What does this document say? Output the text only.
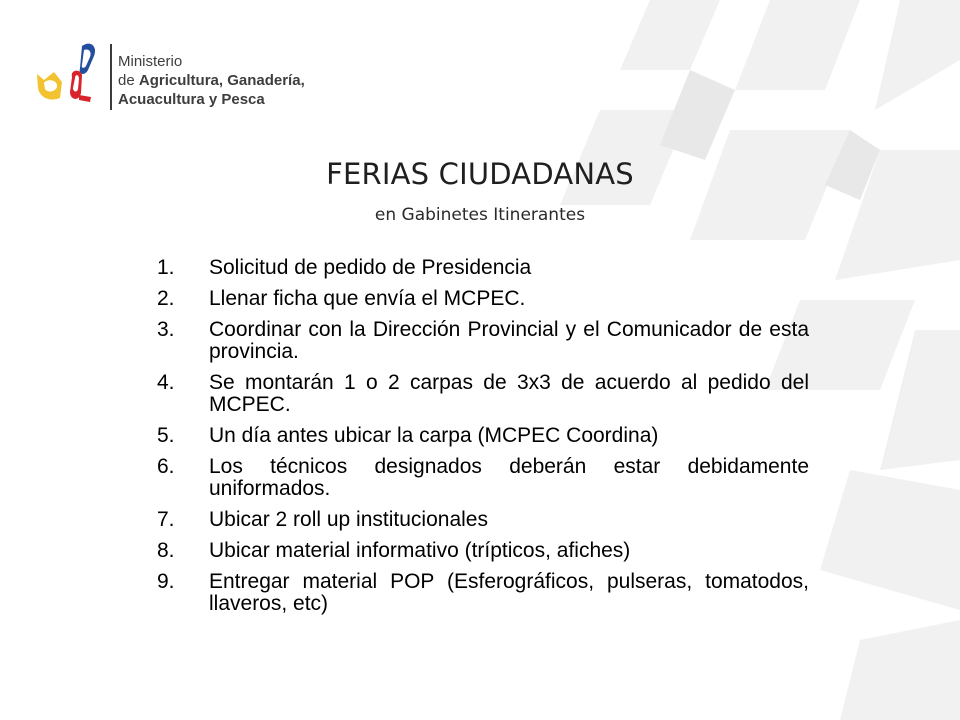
Ministerio
de Agricultura, Ganadería,
Acuacultura y Pesca
FERIAS CIUDADANAS
en Gabinetes Itinerantes
1.	Solicitud de pedido de Presidencia
2.	Llenar ficha que envía el MCPEC.
3.	Coordinar con la Dirección Provincial y el Comunicador de esta provincia.
4.	Se montarán 1 o 2 carpas de 3x3 de acuerdo al pedido del MCPEC.
5.	Un día antes ubicar la carpa (MCPEC Coordina)
6.	Los técnicos designados deberán estar debidamente uniformados.
7.	Ubicar 2 roll up institucionales
8.	Ubicar material informativo (trípticos, afiches)
9.	Entregar material POP (Esferográficos, pulseras, tomatodos, llaveros, etc)
